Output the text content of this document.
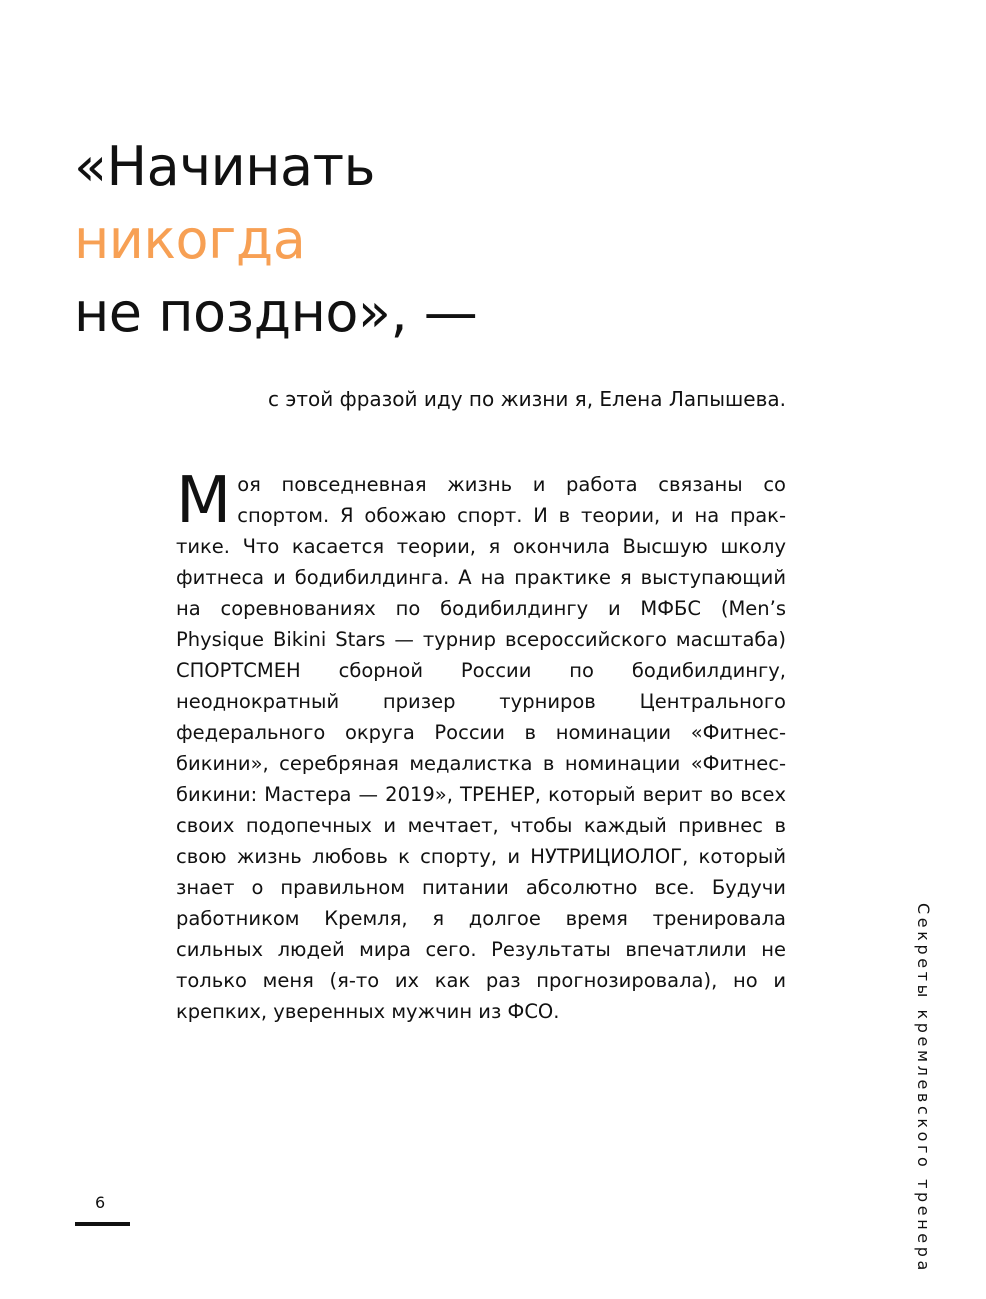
«Начинать
никогда
не поздно», —
с этой фразой иду по жизни я, Елена Лапышева.

Моя повседневная жизнь и работа связаны со спортом. Я обожаю спорт. И в теории, и на практике. Что касается теории, я окончила Высшую школу фитнеса и бодибилдинга. А на практике я выступающий на соревнованиях по бодибилдингу и МФБС (Men’s Physique Bikini Stars — турнир всероссийского масштаба) СПОРТСМЕН сборной России по бодибилдингу, неоднократный призер турниров Центрального федерального округа России в номинации «Фитнес-бикини», серебряная медалистка в номинации «Фитнес-бикини: Мастера — 2019», ТРЕНЕР, который верит во всех своих подопечных и мечтает, чтобы каждый привнес в свою жизнь любовь к спорту, и НУТРИЦИОЛОГ, который знает о правильном питании абсолютно все. Будучи работником Кремля, я долгое время тренировала сильных людей мира сего. Результаты впечатлили не только меня (я-то их как раз прогнозировала), но и крепких, уверенных мужчин из ФСО.	Секреты кремлевского тренера
6
